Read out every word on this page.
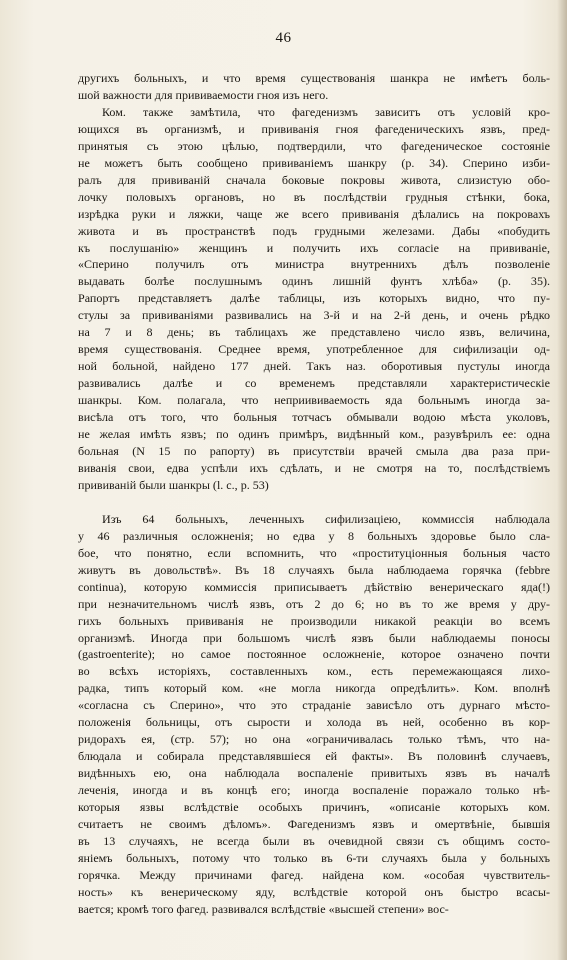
46
другихъ больныхъ, и что время существованія шанкра не имѣетъ боль-
шой важности для прививаемости гноя изъ него.
Ком. также замѣтила, что фагеденизмъ зависитъ отъ условій кро-
ющихся въ организмѣ, и прививанія гноя фагеденическихъ язвъ, пред-
принятыя съ этою цѣлью, подтвердили, что фагеденическое состояніе
не можетъ быть сообщено прививаніемъ шанкру (р. 34). Сперино изби-
ралъ для прививаній сначала боковые покровы живота, слизистую обо-
лочку половыхъ органовъ, но въ послѣдствіи грудныя стѣнки, бока,
изрѣдка руки и ляжки, чаще же всего прививанія дѣлались на покровахъ
живота и въ пространствѣ подъ грудными железами. Дабы «побудить
къ послушанію» женщинъ и получить ихъ согласіе на прививаніе,
«Сперино получилъ отъ министра внутреннихъ дѣлъ позволеніе
выдавать болѣе послушнымъ одинъ лишній фунтъ хлѣба» (р. 35).
Рапортъ представляетъ далѣе таблицы, изъ которыхъ видно, что пу-
стулы за прививаніями развивались на 3-й и на 2-й день, и очень рѣдко
на 7 и 8 день; въ таблицахъ же представлено число язвъ, величина,
время существованія. Среднее время, употребленное для сифилизаціи од-
ной больной, найдено 177 дней. Такъ наз. оборотивыя пустулы иногда
развивались далѣе и со временемъ представляли характеристическіе
шанкры. Ком. полагала, что неприививаемость яда больнымъ иногда за-
висѣла отъ того, что больныя тотчасъ обмывали водою мѣста уколовъ,
не желая имѣть язвъ; по одинъ примѣръ, видѣнный ком., разувѣрилъ ее: одна
больная (N 15 по рапорту) въ присутствіи врачей смыла два раза при-
виванія свои, едва успѣли ихъ сдѣлать, и не смотря на то, послѣдствіемъ
прививаній были шанкры (l. c., р. 53)
Изъ 64 больныхъ, леченныхъ сифилизаціею, коммиссія наблюдала
у 46 различныя осложненія; но едва у 8 больныхъ здоровье было сла-
бое, что понятно, если вспомнить, что «проституціонныя больныя часто
живутъ въ довольствѣ». Въ 18 случаяхъ была наблюдаема горячка (febbre
continua), которую коммиссія приписываетъ дѣйствію венерическаго яда(!)
при незначительномъ числѣ язвъ, отъ 2 до 6; но въ то же время у дру-
гихъ больныхъ прививанія не производили никакой реакціи во всемъ
организмѣ. Иногда при большомъ числѣ язвъ были наблюдаемы поносы
(gastroenterite); но самое постоянное осложненіе, которое означено почти
во всѣхъ исторіяхъ, составленныхъ ком., есть перемежающаяся лихо-
радка, типъ который ком. «не могла никогда опредѣлить». Ком. вполнѣ
«согласна съ Сперино», что это страданіе зависѣло отъ дурнаго мѣсто-
положенія больницы, отъ сырости и холода въ ней, особенно въ кор-
ридорахъ ея, (стр. 57); но она «ограничивалась только тѣмъ, что на-
блюдала и собирала представлявшіеся ей факты». Въ половинѣ случаевъ,
видѣнныхъ ею, она наблюдала воспаленіе привитыхъ язвъ въ началѣ
леченія, иногда и въ концѣ его; иногда воспаленіе поражало только нѣ-
которыя язвы вслѣдствіе особыхъ причинъ, «описаніе которыхъ ком.
считаетъ не своимъ дѣломъ». Фагеденизмъ язвъ и омертвѣніе, бывшія
въ 13 случаяхъ, не всегда были въ очевидной связи съ общимъ состо-
яніемъ больныхъ, потому что только въ 6-ти случаяхъ была у больныхъ
горячка. Между причинами фагед. найдена ком. «особая чувствитель-
ность» къ венерическому яду, вслѣдствіе которой онъ быстро всасы-
вается; кромѣ того фагед. развивался вслѣдствіе «высшей степени» вос-
